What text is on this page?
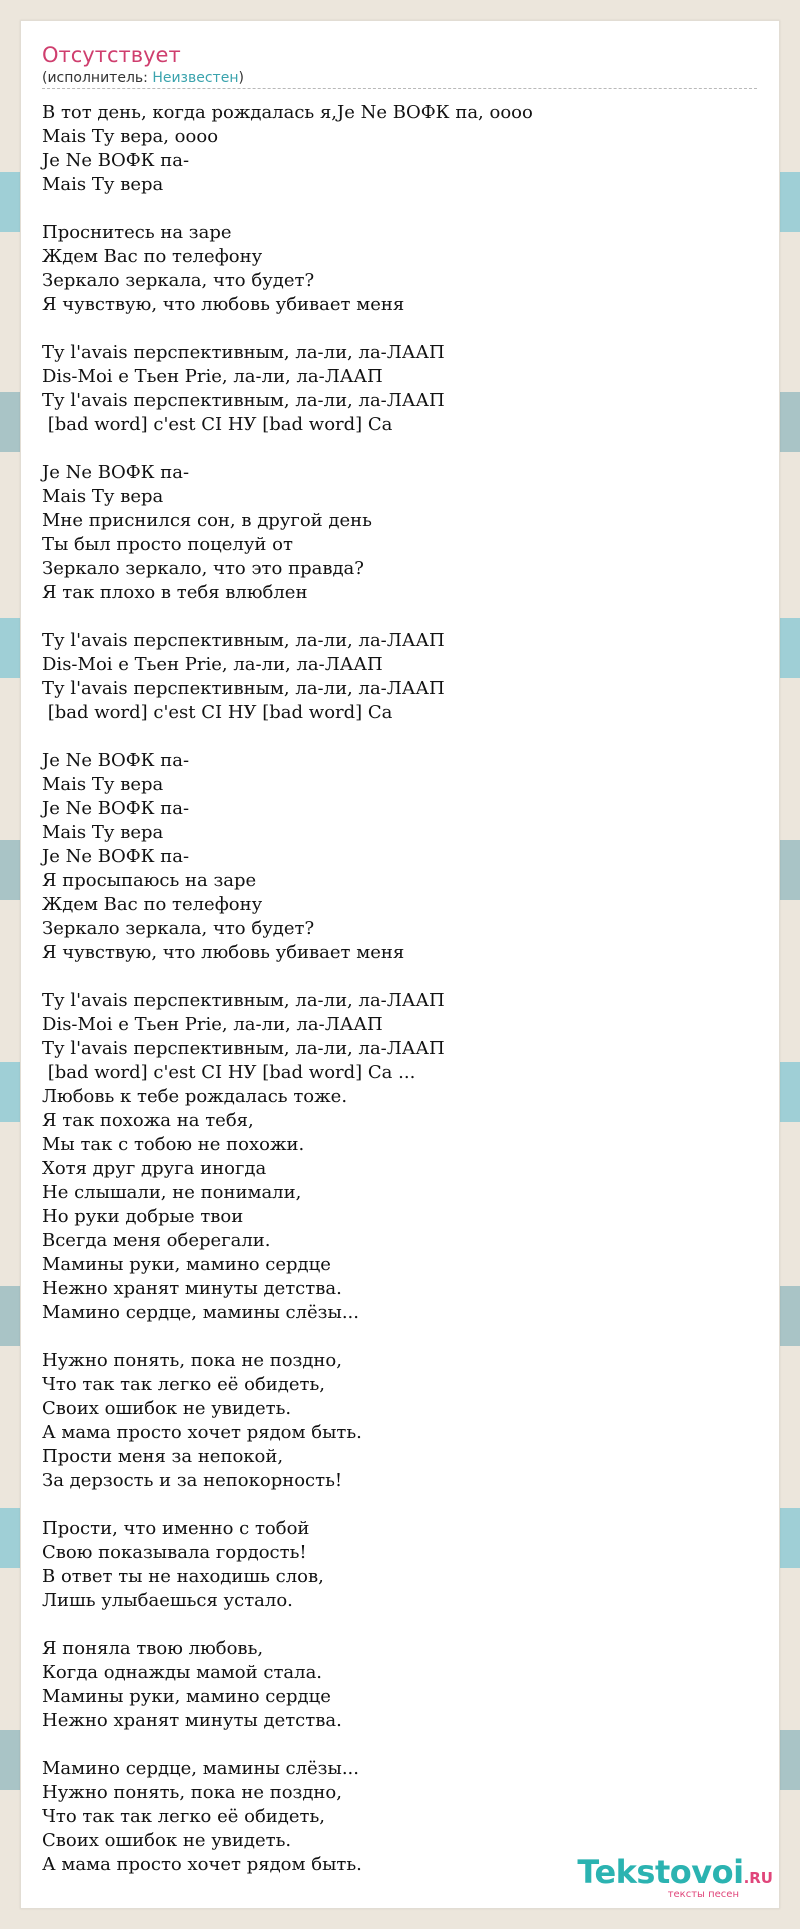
Отсутствует
(исполнитель: Неизвестен)
В тот день, когда рождалась я,Je Ne ВОФК па, оооо
Mais Ту вера, оооо
Je Ne ВОФК па-
Mais Ту вера

Проснитесь на заре
Ждем Вас по телефону
Зеркало зеркала, что будет?
Я чувствую, что любовь убивает меня

Ту l'avais перспективным, ла-ли, ла-ЛААП
Dis-Moi е Тьен Prie, ла-ли, ла-ЛААП
Ту l'avais перспективным, ла-ли, ла-ЛААП
[bad word] c'est CI НУ [bad word] Са

Je Ne ВОФК па-
Mais Ту вера
Мне приснился сон, в другой день
Ты был просто поцелуй от
Зеркало зеркало, что это правда?
Я так плохо в тебя влюблен

Ту l'avais перспективным, ла-ли, ла-ЛААП
Dis-Moi е Тьен Prie, ла-ли, ла-ЛААП
Ту l'avais перспективным, ла-ли, ла-ЛААП
[bad word] c'est CI НУ [bad word] Са

Je Ne ВОФК па-
Mais Ту вера
Je Ne ВОФК па-
Mais Ту вера
Je Ne ВОФК па-
Я просыпаюсь на заре
Ждем Вас по телефону
Зеркало зеркала, что будет?
Я чувствую, что любовь убивает меня

Ту l'avais перспективным, ла-ли, ла-ЛААП
Dis-Moi е Тьен Prie, ла-ли, ла-ЛААП
Ту l'avais перспективным, ла-ли, ла-ЛААП
[bad word] c'est CI НУ [bad word] Са ...
Любовь к тебе рождалась тоже.
Я так похожа на тебя,
Мы так с тобою не похожи.
Хотя друг друга иногда
Не слышали, не понимали,
Но руки добрые твои
Всегда меня оберегали.
Мамины руки, мамино сердце
Нежно хранят минуты детства.
Мамино сердце, мамины слёзы...

Нужно понять, пока не поздно,
Что так так легко её обидеть,
Своих ошибок не увидеть.
А мама просто хочет рядом быть.
Прости меня за непокой,
За дерзость и за непокорность!

Прости, что именно с тобой
Свою показывала гордость!
В ответ ты не находишь слов,
Лишь улыбаешься устало.

Я поняла твою любовь,
Когда однажды мамой стала.
Мамины руки, мамино сердце
Нежно хранят минуты детства.

Мамино сердце, мамины слёзы...
Нужно понять, пока не поздно,
Что так так легко её обидеть,
Своих ошибок не увидеть.
А мама просто хочет рядом быть.	Tekstovoi.RU
тексты песен
